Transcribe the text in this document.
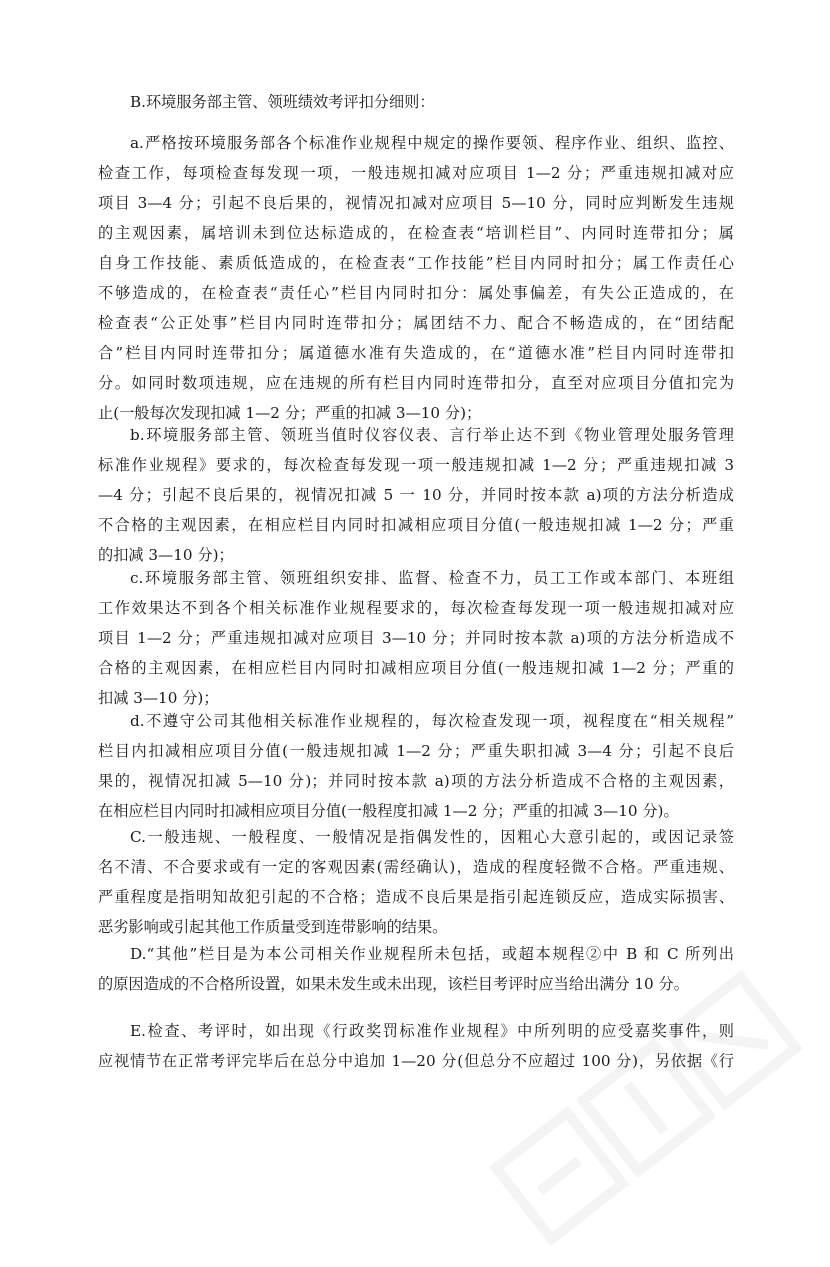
B.环境服务部主管、领班绩效考评扣分细则：
a.严格按环境服务部各个标准作业规程中规定的操作要领、程序作业、组织、监控、
检查工作，每项检查每发现一项，一般违规扣减对应项目 1—2 分；严重违规扣减对应
项目 3—4 分；引起不良后果的，视情况扣减对应项目 5—10 分，同时应判断发生违规
的主观因素，属培训未到位达标造成的，在检查表“培训栏目”、内同时连带扣分；属
自身工作技能、素质低造成的，在检查表“工作技能”栏目内同时扣分；属工作责任心
不够造成的，在检查表“责任心”栏目内同时扣分：属处事偏差，有失公正造成的，在
检查表“公正处事”栏目内同时连带扣分；属团结不力、配合不畅造成的，在“团结配
合”栏目内同时连带扣分；属道德水准有失造成的，在“道德水准”栏目内同时连带扣
分。如同时数项违规，应在违规的所有栏目内同时连带扣分，直至对应项目分值扣完为
止(一般每次发现扣减 1—2 分；严重的扣减 3—10 分)；
b.环境服务部主管、领班当值时仪容仪表、言行举止达不到《物业管理处服务管理
标准作业规程》要求的，每次检查每发现一项一般违规扣减 1—2 分；严重违规扣减 3
—4 分；引起不良后果的，视情况扣减 5 一 10 分，并同时按本款 a)项的方法分析造成
不合格的主观因素，在相应栏目内同时扣减相应项目分值(一般违规扣减 1—2 分；严重
的扣减 3—10 分)；
c.环境服务部主管、领班组织安排、监督、检查不力，员工工作或本部门、本班组
工作效果达不到各个相关标准作业规程要求的，每次检查每发现一项一般违规扣减对应
项目 1—2 分；严重违规扣减对应项目 3—10 分；并同时按本款 a)项的方法分析造成不
合格的主观因素，在相应栏目内同时扣减相应项目分值(一般违规扣减 1—2 分；严重的
扣减 3—10 分)；
d.不遵守公司其他相关标准作业规程的，每次检查发现一项，视程度在“相关规程”
栏目内扣减相应项目分值(一般违规扣减 1—2 分；严重失职扣减 3—4 分；引起不良后
果的，视情况扣减 5—10 分)；并同时按本款 a)项的方法分析造成不合格的主观因素，
在相应栏目内同时扣减相应项目分值(一般程度扣减 1—2 分；严重的扣减 3—10 分)。
C.一般违规、一般程度、一般情况是指偶发性的，因粗心大意引起的，或因记录签
名不清、不合要求或有一定的客观因素(需经确认)，造成的程度轻微不合格。严重违规、
严重程度是指明知故犯引起的不合格；造成不良后果是指引起连锁反应，造成实际损害、
恶劣影响或引起其他工作质量受到连带影响的结果。
D.“其他”栏目是为本公司相关作业规程所未包括，或超本规程②中 B 和 C 所列出
的原因造成的不合格所设置，如果未发生或未出现，该栏目考评时应当给出满分 10 分。
E.检查、考评时，如出现《行政奖罚标准作业规程》中所列明的应受嘉奖事件，则
应视情节在正常考评完毕后在总分中追加 1—20 分(但总分不应超过 100 分)，另依据《行
